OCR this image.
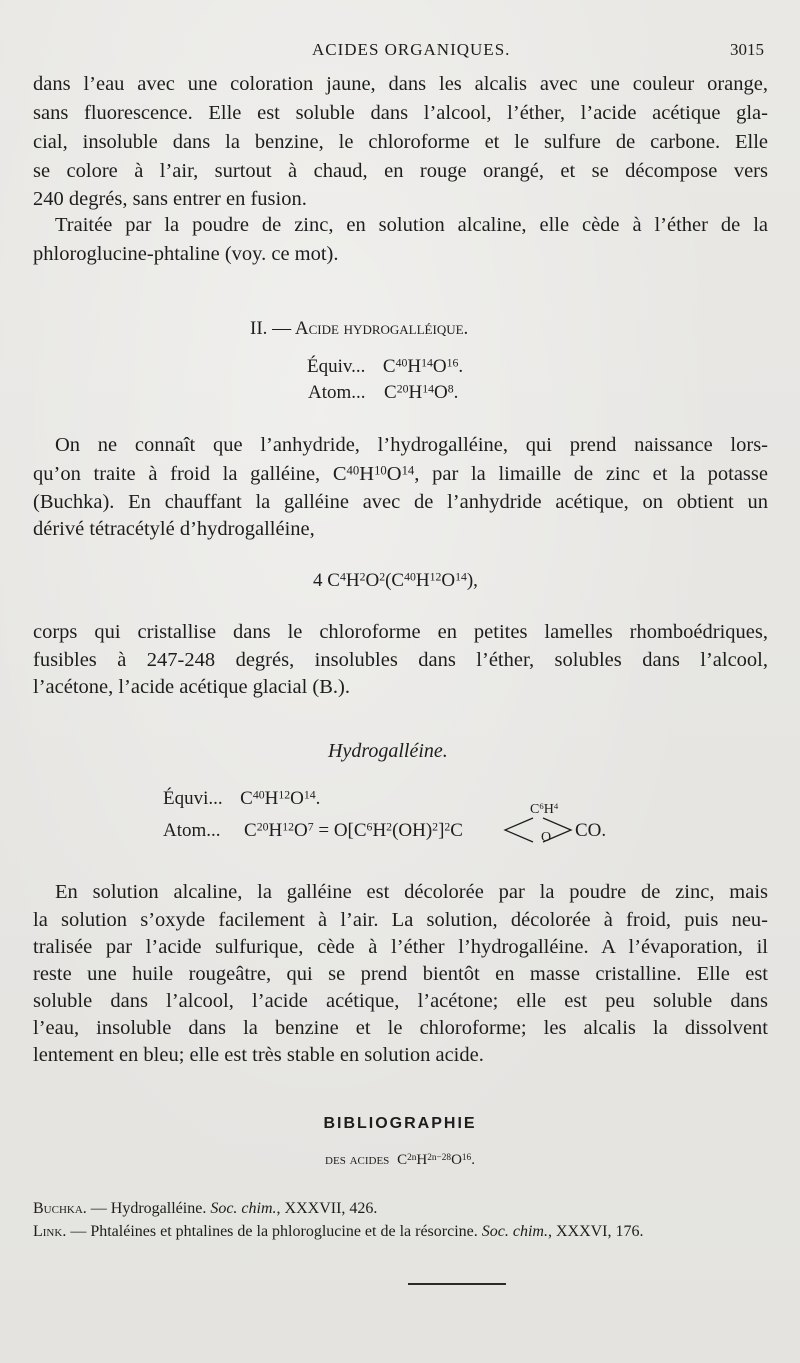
ACIDES ORGANIQUES.	3015
dans l’eau avec une coloration jaune, dans les alcalis avec une couleur orange,
sans fluorescence. Elle est soluble dans l’alcool, l’éther, l’acide acétique gla-
cial, insoluble dans la benzine, le chloroforme et le sulfure de carbone. Elle
se colore à l’air, surtout à chaud, en rouge orangé, et se décompose vers
240 degrés, sans entrer en fusion.
Traitée par la poudre de zinc, en solution alcaline, elle cède à l’éther de la
phloroglucine-phtaline (voy. ce mot).
II. — Acide hydrogalléique.
Équiv... $C^{40}H^{14}O^{16}$.
Atom... $C^{20}H^{14}O^8$.
On ne connaît que l’anhydride, l’hydrogalléine, qui prend naissance lors-
qu’on traite à froid la galléine, $C^{40}H^{10}O^{14}$, par la limaille de zinc et la potasse
(Buchka). En chauffant la galléine avec de l’anhydride acétique, on obtient un
dérivé tétracétylé d’hydrogalléine,
4 $C^4H^2O^2(C^{40}H^{12}O^{14})$,
corps qui cristallise dans le chloroforme en petites lamelles rhomboédriques,
fusibles à 247-248 degrés, insolubles dans l’éther, solubles dans l’alcool,
l’acétone, l’acide acétique glacial (B.).
Hydrogalléine.
Équvi... $C^{40}H^{12}O^{14}$.
Atom... $C^{20}H^{12}O^7 = O[C^6H^2(OH)^2]^2C$
$C^6H^4$
O CO.
En solution alcaline, la galléine est décolorée par la poudre de zinc, mais
la solution s’oxyde facilement à l’air. La solution, décolorée à froid, puis neu-
tralisée par l’acide sulfurique, cède à l’éther l’hydrogalléine. A l’évaporation, il
reste une huile rougeâtre, qui se prend bientôt en masse cristalline. Elle est
soluble dans l’alcool, l’acide acétique, l’acétone; elle est peu soluble dans
l’eau, insoluble dans la benzine et le chloroforme; les alcalis la dissolvent
lentement en bleu; elle est très stable en solution acide.
BIBLIOGRAPHIE
des acides $C^{2n}H^{2n-28}O^{16}$.
Buchka. — Hydrogalléine. Soc. chim., XXXVII, 426.
Link. — Phtaléines et phtalines de la phloroglucine et de la résorcine. Soc. chim., XXXVI, 176.
